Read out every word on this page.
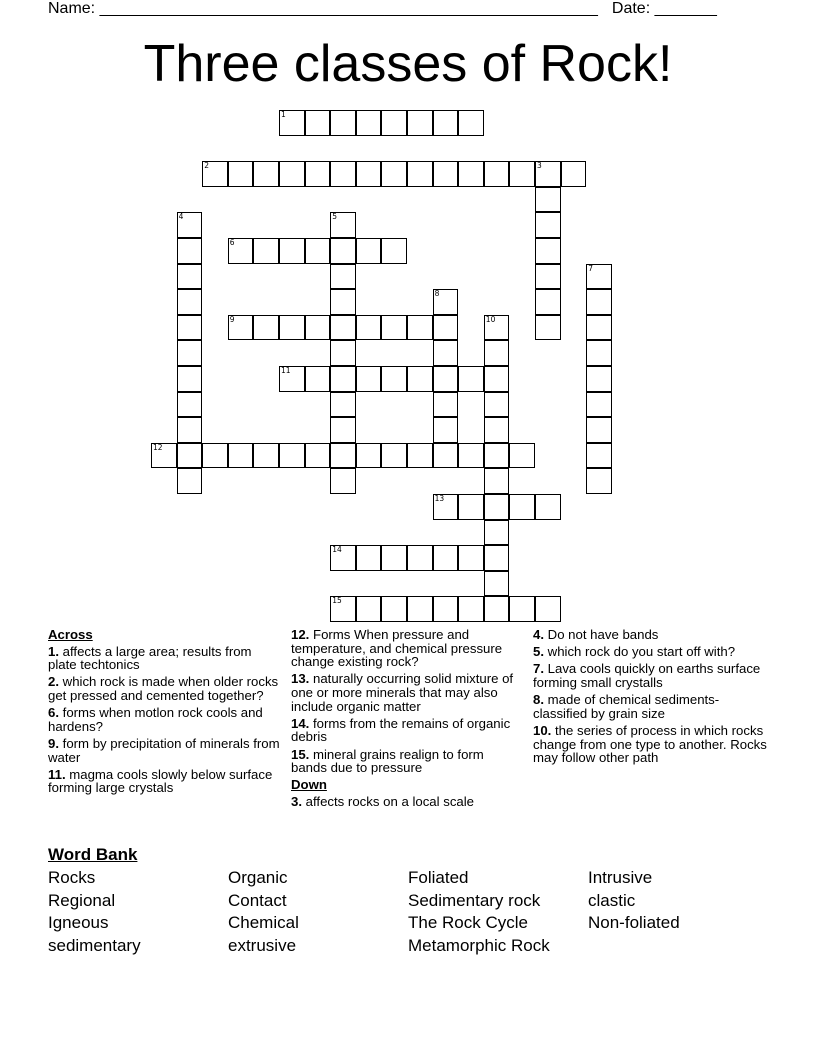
Name: ________________________________________________________ Date: _______
Three classes of Rock!
1
2	3
4	5
6
7
8
9	10
11
12
13
14
15

Across

1. affects a large area; results from plate techtonics

2. which rock is made when older rocks get pressed and cemented together?

6. forms when motlon rock cools and hardens?

9. form by precipitation of minerals from water

11. magma cools slowly below surface forming large crystals

12. Forms When pressure and temperature, and chemical pressure change existing rock?

13. naturally occurring solid mixture of one or more minerals that may also include organic matter

14. forms from the remains of organic debris

15. mineral grains realign to form bands due to pressure

Down

3. affects rocks on a local scale

4. Do not have bands

5. which rock do you start off with?

7. Lava cools quickly on earths surface forming small crystalls

8. made of chemical sediments-classified by grain size

10. the series of process in which rocks change from one type to another. Rocks may follow other path

Word Bank
Rocks
Regional
Igneous
sedimentary
Organic
Contact
Chemical
extrusive
Foliated
Sedimentary rock
The Rock Cycle
Metamorphic Rock
Intrusive
clastic
Non-foliated
